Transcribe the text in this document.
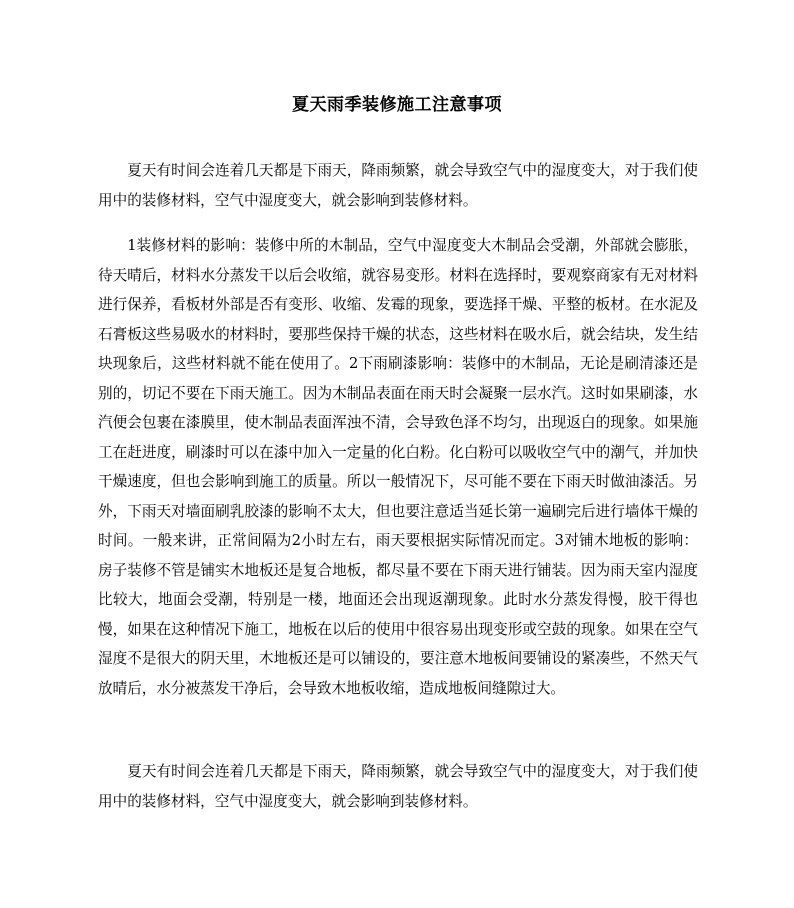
夏天雨季装修施工注意事项

夏天有时间会连着几天都是下雨天，降雨频繁，就会导致空气中的湿度变大，对于我们使用中的装修材料，空气中湿度变大，就会影响到装修材料。

1装修材料的影响：装修中所的木制品，空气中湿度变大木制品会受潮，外部就会膨胀，待天晴后，材料水分蒸发干以后会收缩，就容易变形。材料在选择时，要观察商家有无对材料进行保养，看板材外部是否有变形、收缩、发霉的现象，要选择干燥、平整的板材。在水泥及石膏板这些易吸水的材料时，要那些保持干燥的状态，这些材料在吸水后，就会结块，发生结块现象后，这些材料就不能在使用了。2下雨刷漆影响：装修中的木制品，无论是刷清漆还是别的，切记不要在下雨天施工。因为木制品表面在雨天时会凝聚一层水汽。这时如果刷漆，水汽便会包裹在漆膜里，使木制品表面浑浊不清，会导致色泽不均匀，出现返白的现象。如果施工在赶进度，刷漆时可以在漆中加入一定量的化白粉。化白粉可以吸收空气中的潮气，并加快干燥速度，但也会影响到施工的质量。所以一般情况下，尽可能不要在下雨天时做油漆活。另外，下雨天对墙面刷乳胶漆的影响不太大，但也要注意适当延长第一遍刷完后进行墙体干燥的时间。一般来讲，正常间隔为2小时左右，雨天要根据实际情况而定。3对铺木地板的影响：房子装修不管是铺实木地板还是复合地板，都尽量不要在下雨天进行铺装。因为雨天室内湿度比较大，地面会受潮，特别是一楼，地面还会出现返潮现象。此时水分蒸发得慢，胶干得也慢，如果在这种情况下施工，地板在以后的使用中很容易出现变形或空鼓的现象。如果在空气湿度不是很大的阴天里，木地板还是可以铺设的，要注意木地板间要铺设的紧凑些，不然天气放晴后，水分被蒸发干净后，会导致木地板收缩，造成地板间缝隙过大。

夏天有时间会连着几天都是下雨天，降雨频繁，就会导致空气中的湿度变大，对于我们使用中的装修材料，空气中湿度变大，就会影响到装修材料。
